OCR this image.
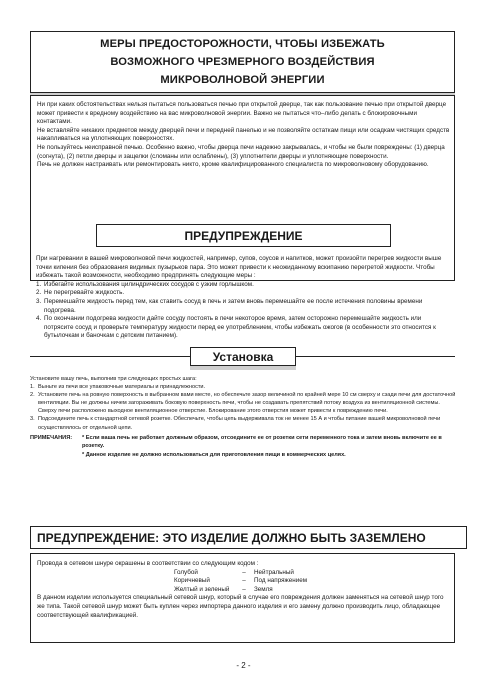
МЕРЫ ПРЕДОСТОРОЖНОСТИ, ЧТОБЫ ИЗБЕЖАТЬ
ВОЗМОЖНОГО ЧРЕЗМЕРНОГО ВОЗДЕЙСТВИЯ
МИКРОВОЛНОВОЙ ЭНЕРГИИ

Ни при каких обстоятельствах нельзя пытаться пользоваться печью при открытой дверце, так как пользование печью при открытой дверце может привести к вредному воздействию на вас микроволновой энергии. Важно не пытаться что–либо делать с блокировочными контактами.

Не вставляйте никаких предметов между дверцей печи и передней панелью и не позволяйте остаткам пищи или осадкам чистящих средств накапливаться на уплотняющих поверхностях.

Не пользуйтесь неисправной печью. Особенно важно, чтобы дверца печи надежно закрывалась, и чтобы не были повреждены: (1) дверца (согнута), (2) петли дверцы и защелки (сломаны или ослаблены), (3) уплотнители дверцы и уплотняющие поверхности.

Печь не должен настраивать или ремонтировать никто, кроме квалифицированного специалиста по микроволновому оборудованию.

ПРЕДУПРЕЖДЕНИЕ

При нагревании в вашей микроволновой печи жидкостей, например, супов, соусов и напитков, может произойти перегрев жидкости выше точки кипения без образования видимых пузырьков пара. Это может привести к неожиданному вскипанию перегретой жидкости. Чтобы избежать такой возможности, необходимо предпринять следующие меры :

1. Избегайте использования цилиндрических сосудов с узким горлышком.
2. Не перегревайте жидкость.
3. Перемешайте жидкость перед тем, как ставить сосуд в печь и затем вновь перемешайте ее после истечения половины времени подогрева.
4. По окончании подогрева жидкости дайте сосуду постоять в печи некоторое время, затем осторожно перемешайте жидкость или потрясите сосуд и проверьте температуру жидкости перед ее употреблением, чтобы избежать ожогов (в особенности это относится к бутылочкам и баночкам с детским питанием).
Установка

Установите вашу печь, выполнив три следующих простых шага:

1. Выньте из печи все упаковочные материалы и принадлежности.
2. Установите печь на ровную поверхность в выбранном вами месте, но обеспечьте зазор величиной по крайней мере 10 см сверху и сзади печи для достаточной вентиляции. Вы не должны ничем загораживать боковую поверхность печи, чтобы не создавать препятствий потоку воздуха из вентиляционной системы.
Сверху печи расположено выходное вентиляционное отверстие. Блокирование этого отверстия может привести к повреждению печи.
3. Подсоедините печь к стандартной сетевой розетке. Обеспечьте, чтобы цепь выдерживала ток не менее 15 А и чтобы питание вашей микроволновой печи осуществлялось от отдельной цепи.
ПРИМЕЧАНИЯ:	* Если ваша печь не работает должным образом, отсоедините ее от розетки сети переменного тока и затем вновь включите ее в розетку.
* Данное изделие не должно использоваться для приготовления пищи в коммерческих целях.
ПРЕДУПРЕЖДЕНИЕ: ЭТО ИЗДЕЛИЕ ДОЛЖНО БЫТЬ ЗАЗЕМЛЕНО

Провода в сетевом шнуре окрашены в соответствии со следующим кодом :

Голубой	–	Нейтральный
Коричневый	–	Под напряжением
Желтый и зеленый	–	Земля

В данном изделии используется специальный сетевой шнур, который в случае его повреждения должен заменяться на сетевой шнур того же типа. Такой сетевой шнур может быть куплен через импортера данного изделия и его замену должно производить лицо, обладающее соответствующей квалификацией.

- 2 -
